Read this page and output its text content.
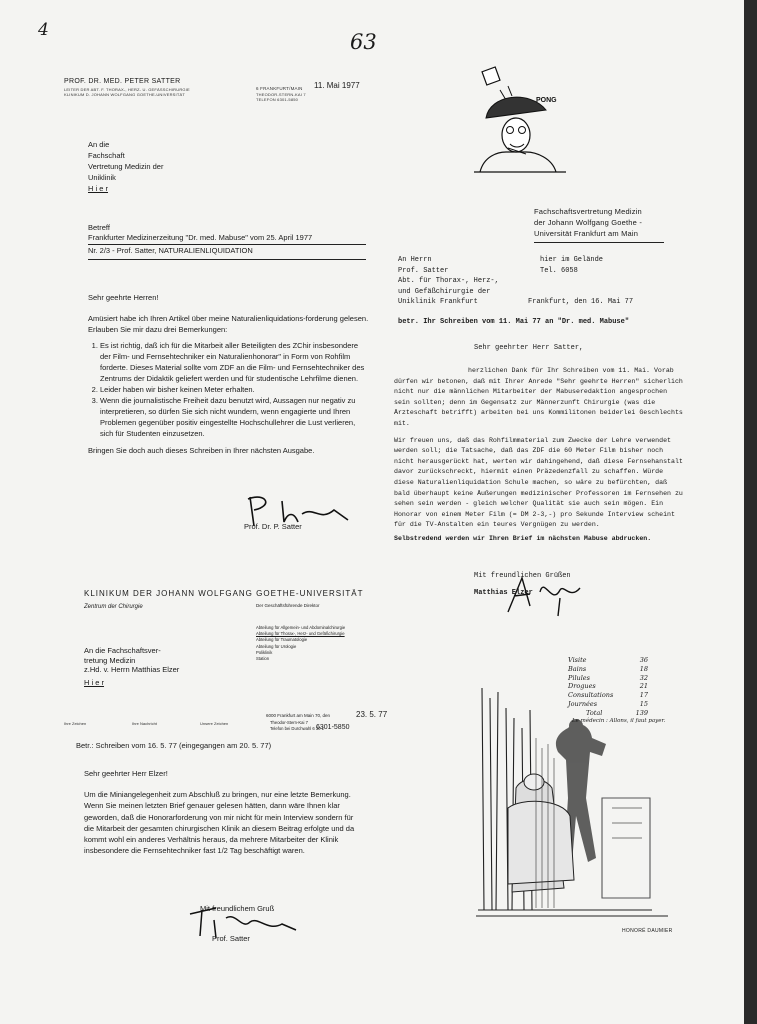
4	63
PROF. DR. MED. PETER SATTER
LEITER DER ABT. F. THORAX-, HERZ- U. GEFÄSSCHIRURGIE
KLINIKUM D. JOHANN WOLFGANG GOETHE-UNIVERSITÄT
6 FRANKFURT/MAIN
THEODOR-STERN-KAI 7
TELEFON 6301-5850
11. Mai 1977
An die
Fachschaft
Vertretung Medizin der
Uniklinik
H i e r
Betreff
Frankfurter Medizinerzeitung "Dr. med. Mabuse" vom 25. April 1977
Nr. 2/3 - Prof. Satter, NATURALIENLIQUIDATION
Sehr geehrte Herren!

Amüsiert habe ich Ihren Artikel über meine Naturalienliquidations-forderung gelesen. Erlauben Sie mir dazu drei Bemerkungen:

1. Es ist richtig, daß ich für die Mitarbeit aller Beteiligten des ZChir insbesondere der Film- und Fernsehtechniker ein Naturalienhonorar" in Form von Rohfilm forderte. Dieses Material sollte vom ZDF an die Film- und Fernsehtechniker des Zentrums der Didaktik geliefert werden und für studentische Lehrfilme dienen.
2. Leider haben wir bisher keinen Meter erhalten.
3. Wenn die journalistische Freiheit dazu benutzt wird, Aussagen nur negativ zu interpretieren, so dürfen Sie sich nicht wundern, wenn engagierte und Ihren Problemen gegenüber positiv eingestellte Hochschullehrer die Lust verlieren, sich für Studenten einzusetzen.

Bringen Sie doch auch dieses Schreiben in Ihrer nächsten Ausgabe.

Prof. Dr. P. Satter
PONG
Fachschaftsvertretung Medizin
der Johann Wolfgang Goethe -
Universität Frankfurt am Main
An Herrn
Prof. Satter
Abt. für Thorax-, Herz-,
und Gefäßchirurgie der
Uniklinik Frankfurt
hier im Gelände
Tel. 6058
Frankfurt, den 16. Mai 77
betr. Ihr Schreiben vom 11. Mai 77 an "Dr. med. Mabuse"
Sehr geehrter Herr Satter,

herzlichen Dank für Ihr Schreiben vom 11. Mai. Vorab dürfen wir betonen, daß mit Ihrer Anrede "Sehr geehrte Herren" sicherlich nicht nur die männlichen Mitarbeiter der Mabuseredaktion angesprochen sein sollten; denn im Gegensatz zur Männerzunft Chirurgie (was die Ärzteschaft betrifft) arbeiten bei uns Kommilitonen beiderlei Geschlechts mit.

Wir freuen uns, daß das Rohfilmmaterial zum Zwecke der Lehre verwendet werden soll; die Tatsache, daß das ZDF die 60 Meter Film bisher noch nicht herausgerückt hat, werten wir dahingehend, daß diese Fernsehanstalt davor zurückschreckt, hiermit einen Präzedenzfall zu schaffen. Würde diese Naturalienliquidation Schule machen, so wäre zu befürchten, daß bald überhaupt keine Äußerungen medizinischer Professoren im Fernsehen zu sehen sein werden - gleich welcher Qualität sie auch sein mögen. Ein Honorar von einem Meter Film (= DM 2-3,-) pro Sekunde Interview scheint für die TV-Anstalten ein teures Vergnügen zu werden.

Selbstredend werden wir Ihren Brief im nächsten Mabuse abdrucken.

Mit freundlichen Grüßen
Matthias Elzer
KLINIKUM DER JOHANN WOLFGANG GOETHE-UNIVERSITÄT
Zentrum der Chirurgie	Der Geschäftsführende Direktor
Abteilung für Allgemein- und Abdominalchirurgie
Abteilung für Thorax-, Herz- und Gefäßchirurgie
Abteilung für Traumatologie
Abteilung für Urologie
Poliklinik
Station
An die Fachschaftsver-
tretung Medizin
z.Hd. v. Herrn Matthias Elzer
H i e r
Ihre Zeichen	Ihre Nachricht	Unsere Zeichen
6000 Frankfurt am Main 70, den	23. 5. 77
Theodor-Stern-Kai 7
Telefon bei Durchwahl 6 30 1
6301-5850
Betr.: Schreiben vom 16. 5. 77 (eingegangen am 20. 5. 77)
Sehr geehrter Herr Elzer!

Um die Miniangelegenheit zum Abschluß zu bringen, nur eine letzte Bemerkung.

Wenn Sie meinen letzten Brief genauer gelesen hätten, dann wäre Ihnen klar geworden, daß die Honorarforderung von mir nicht für mein Interview sondern für die Mitarbeit der gesamten chirurgischen Klinik an diesem Beitrag erfolgte und da kommt wohl ein anderes Verhältnis heraus, da mehrere Mitarbeiter der Klinik insbesondere die Fernsehtechniker fast 1/2 Tag beschäftigt waren.

Mit freundlichem Gruß
Prof. Satter
Visite	36
Bains	18
Pilules	32
Drogues	21
Consultations	17
Journées	15
Total	139
Le médecin : Allons, il faut payer.
HONORÉ DAUMIER
